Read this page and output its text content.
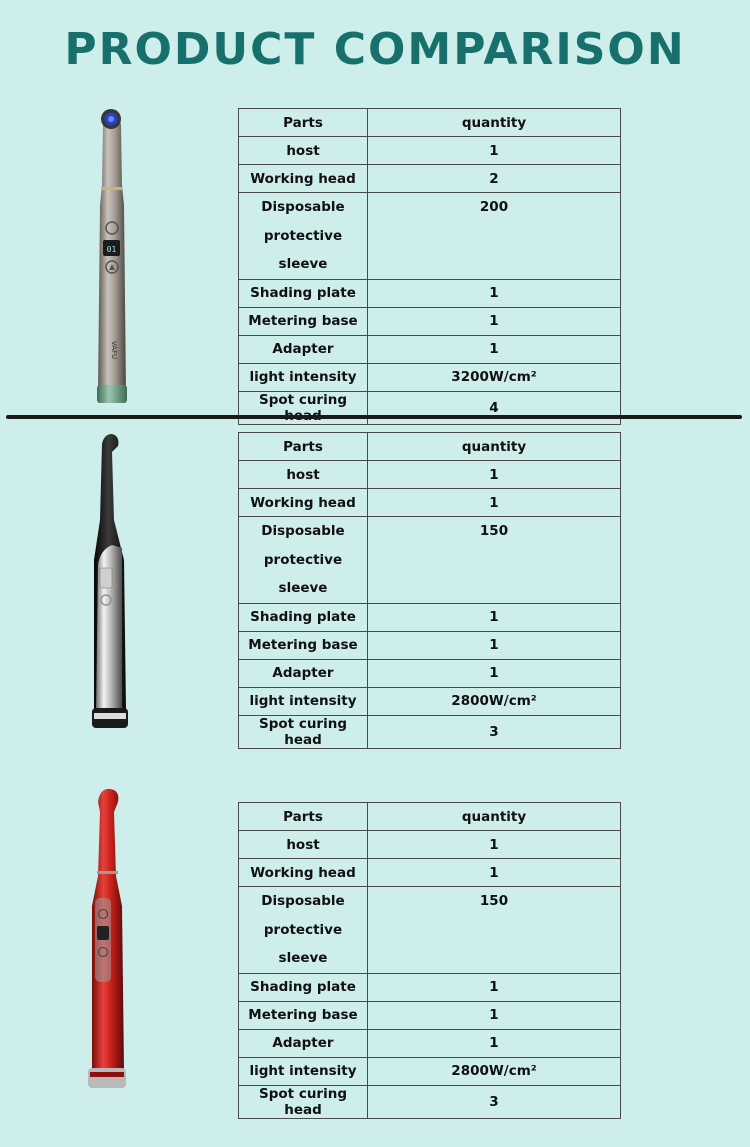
PRODUCT COMPARISON
01
VAFU
Parts	quantity
host	1
Working head	2
Disposable
protective sleeve	200
Shading plate	1
Metering base	1
Adapter	1
light intensity	3200W/cm²
Spot curing	4
Parts	quantity
host	1
Working head	1
Disposable
protective sleeve	150
Shading plate	1
Metering base	1
Adapter	1
light intensity	2800W/cm²
Spot curing head	3
Parts	quantity
host	1
Working head	1
Disposable
protective sleeve	150
Shading plate	1
Metering base	1
Adapter	1
light intensity	2800W/cm²
Spot curing head	3
